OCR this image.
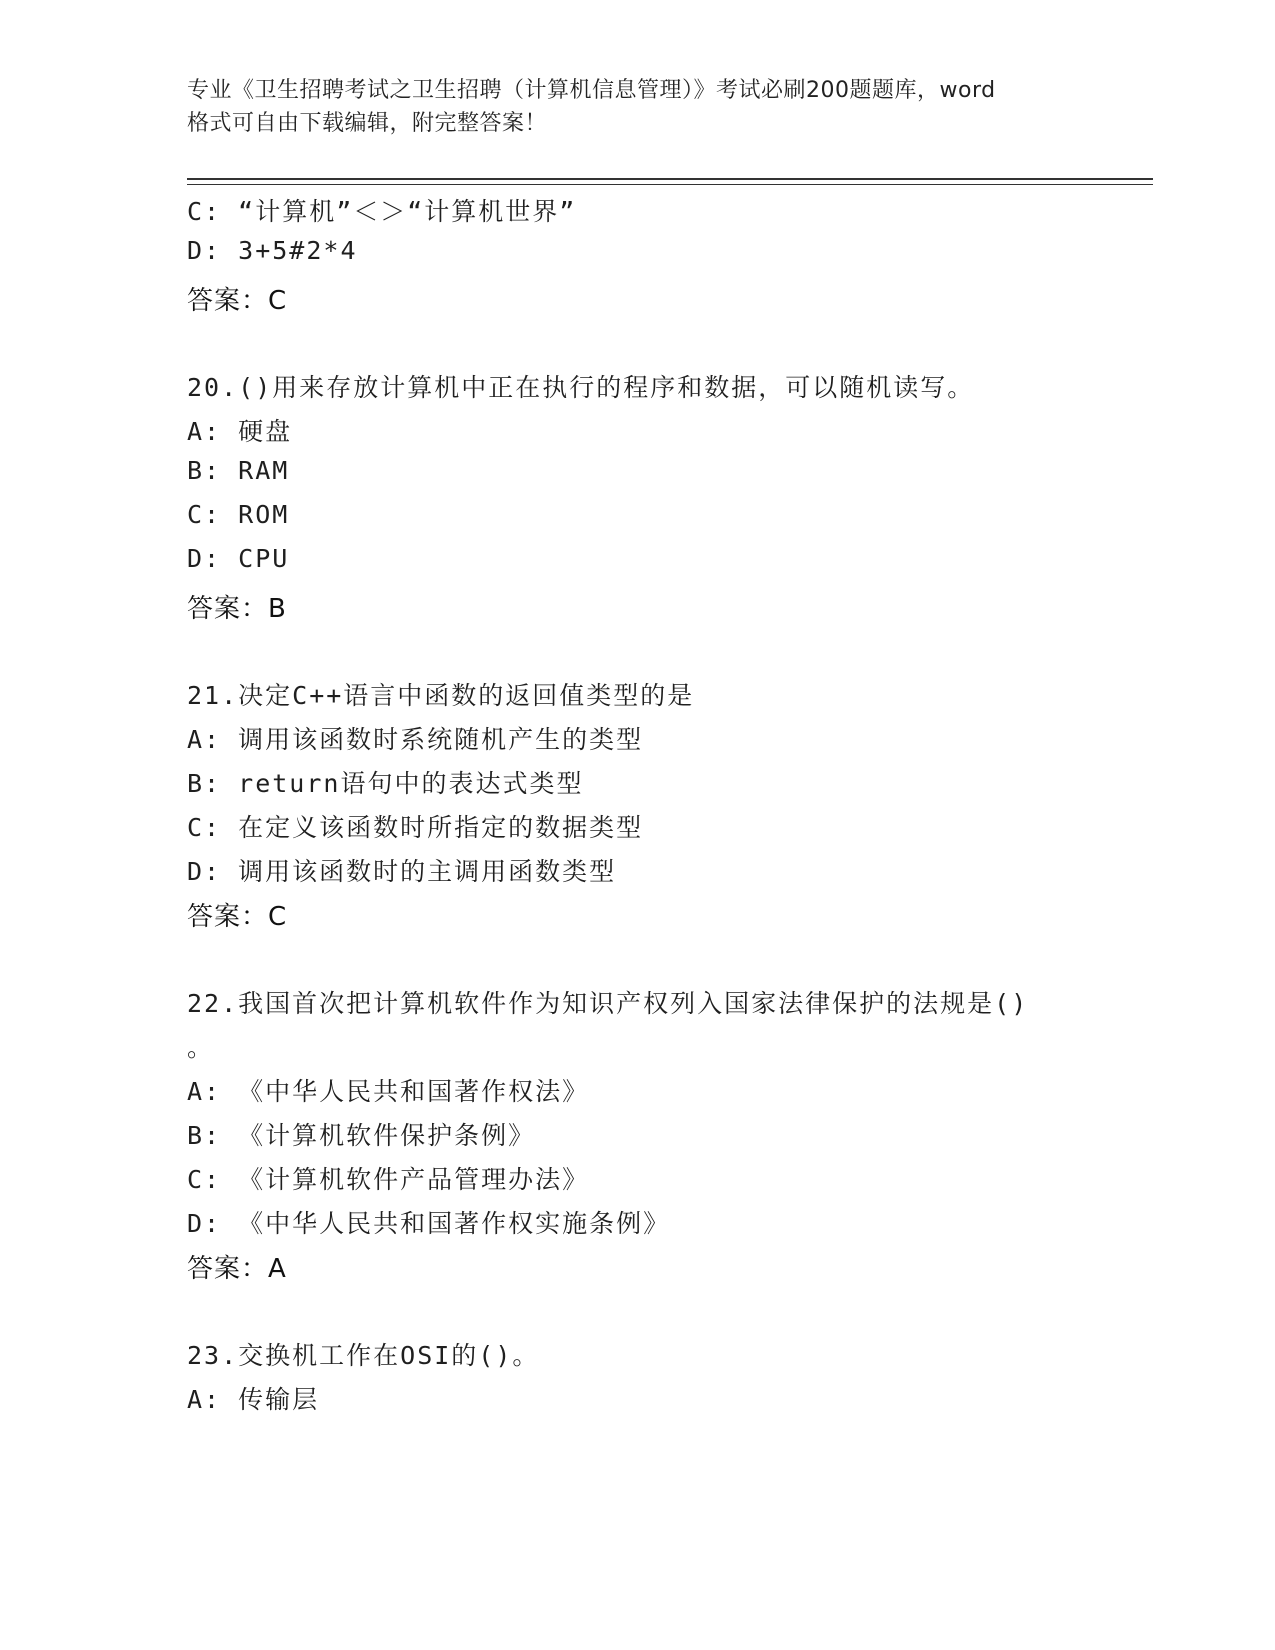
专业《卫生招聘考试之卫生招聘（计算机信息管理）》考试必刷200题题库，word
格式可自由下载编辑，附完整答案！
C: “计算机”＜＞“计算机世界”
D: 3+5#2*4
答案：C
20.()用来存放计算机中正在执行的程序和数据，可以随机读写。
A: 硬盘
B: RAM
C: ROM
D: CPU
答案：B
21.决定C++语言中函数的返回值类型的是
A: 调用该函数时系统随机产生的类型
B: return语句中的表达式类型
C: 在定义该函数时所指定的数据类型
D: 调用该函数时的主调用函数类型
答案：C
22.我国首次把计算机软件作为知识产权列入国家法律保护的法规是()
。
A: 《中华人民共和国著作权法》
B: 《计算机软件保护条例》
C: 《计算机软件产品管理办法》
D: 《中华人民共和国著作权实施条例》
答案：A
23.交换机工作在OSI的()。
A: 传输层
